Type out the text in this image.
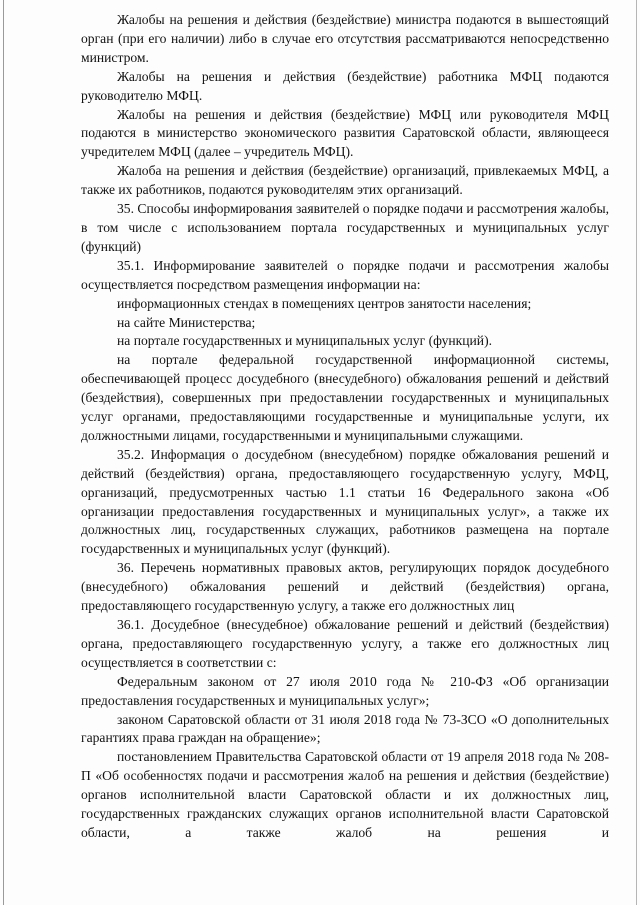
Жалобы на решения и действия (бездействие) министра подаются в вышестоящий орган (при его наличии) либо в случае его отсутствия рассматриваются непосредственно министром.

Жалобы на решения и действия (бездействие) работника МФЦ подаются руководителю МФЦ.

Жалобы на решения и действия (бездействие) МФЦ или руководителя МФЦ подаются в министерство экономического развития Саратовской области, являющееся учредителем МФЦ (далее – учредитель МФЦ).

Жалоба на решения и действия (бездействие) организаций, привлекаемых МФЦ, а также их работников, подаются руководителям этих организаций.

35. Способы информирования заявителей о порядке подачи и рассмотрения жалобы, в том числе с использованием портала государственных и муниципальных услуг (функций)

35.1. Информирование заявителей о порядке подачи и рассмотрения жалобы осуществляется посредством размещения информации на:

информационных стендах в помещениях центров занятости населения;

на сайте Министерства;

на портале государственных и муниципальных услуг (функций).

на портале федеральной государственной информационной системы, обеспечивающей процесс досудебного (внесудебного) обжалования решений и действий (бездействия), совершенных при предоставлении государственных и муниципальных услуг органами, предоставляющими государственные и муниципальные услуги, их должностными лицами, государственными и муниципальными служащими.

35.2. Информация о досудебном (внесудебном) порядке обжалования решений и действий (бездействия) органа, предоставляющего государственную услугу, МФЦ, организаций, предусмотренных частью 1.1 статьи 16 Федерального закона «Об организации предоставления государственных и муниципальных услуг», а также их должностных лиц, государственных служащих, работников размещена на портале государственных и муниципальных услуг (функций).

36. Перечень нормативных правовых актов, регулирующих порядок досудебного (внесудебного) обжалования решений и действий (бездействия) органа, предоставляющего государственную услугу, а также его должностных лиц

36.1. Досудебное (внесудебное) обжалование решений и действий (бездействия) органа, предоставляющего государственную услугу, а также его должностных лиц осуществляется в соответствии с:

Федеральным законом от 27 июля 2010 года № 210-ФЗ «Об организации предоставления государственных и муниципальных услуг»;

законом Саратовской области от 31 июля 2018 года № 73-ЗСО «О дополнительных гарантиях права граждан на обращение»;

постановлением Правительства Саратовской области от 19 апреля 2018 года № 208-П «Об особенностях подачи и рассмотрения жалоб на решения и действия (бездействие) органов исполнительной власти Саратовской области и их должностных лиц, государственных гражданских служащих органов исполнительной власти Саратовской области, а также жалоб на решения и
